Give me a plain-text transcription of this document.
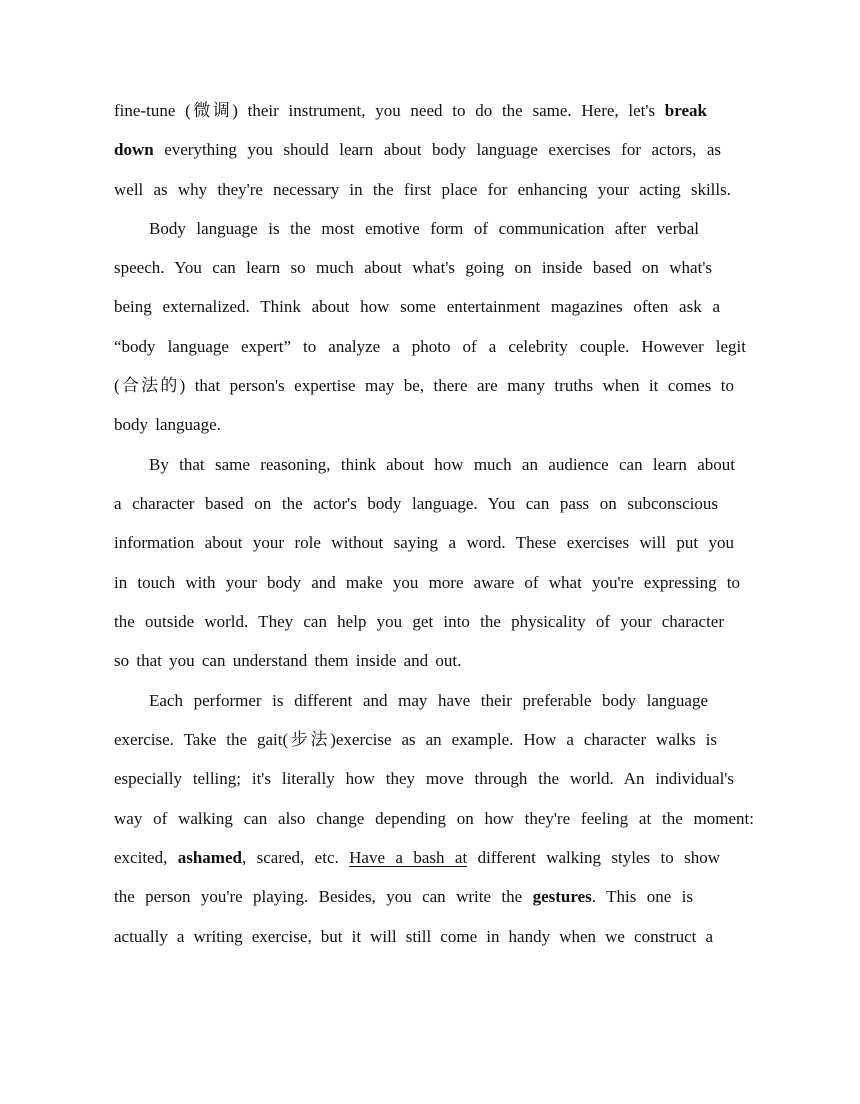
fine-tune (微调) their instrument, you need to do the same. Here, let's break
down everything you should learn about body language exercises for actors, as
well as why they're necessary in the first place for enhancing your acting skills.
Body language is the most emotive form of communication after verbal
speech. You can learn so much about what's going on inside based on what's
being externalized. Think about how some entertainment magazines often ask a
“body language expert” to analyze a photo of a celebrity couple. However legit
(合法的) that person's expertise may be, there are many truths when it comes to
body language.
By that same reasoning, think about how much an audience can learn about
a character based on the actor's body language. You can pass on subconscious
information about your role without saying a word. These exercises will put you
in touch with your body and make you more aware of what you're expressing to
the outside world. They can help you get into the physicality of your character
so that you can understand them inside and out.
Each performer is different and may have their preferable body language
exercise. Take the gait(步法)exercise as an example. How a character walks is
especially telling; it's literally how they move through the world. An individual's
way of walking can also change depending on how they're feeling at the moment:
excited, ashamed, scared, etc. Have a bash at different walking styles to show
the person you're playing. Besides, you can write the gestures. This one is
actually a writing exercise, but it will still come in handy when we construct a
